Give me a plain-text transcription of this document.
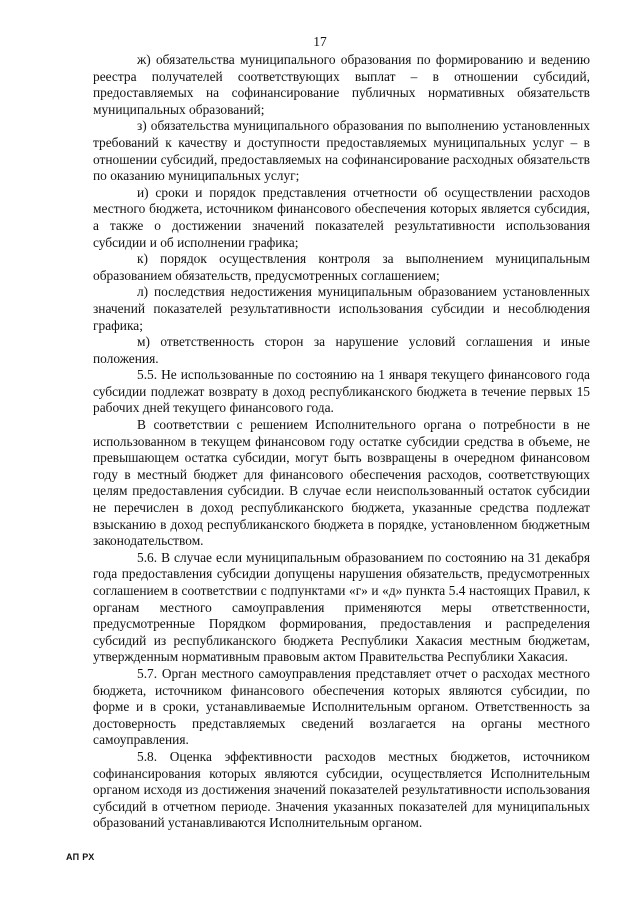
17

ж) обязательства муниципального образования по формированию и ведению реестра получателей соответствующих выплат – в отношении субсидий, предоставляемых на софинансирование публичных нормативных обязательств муниципальных образований;

з) обязательства муниципального образования по выполнению установленных требований к качеству и доступности предоставляемых муниципальных услуг – в отношении субсидий, предоставляемых на софинансирование расходных обязательств по оказанию муниципальных услуг;

и) сроки и порядок представления отчетности об осуществлении расходов местного бюджета, источником финансового обеспечения которых является субсидия, а также о достижении значений показателей результативности использования субсидии и об исполнении графика;

к) порядок осуществления контроля за выполнением муниципальным образованием обязательств, предусмотренных соглашением;

л) последствия недостижения муниципальным образованием установленных значений показателей результативности использования субсидии и несоблюдения графика;

м) ответственность сторон за нарушение условий соглашения и иные положения.

5.5. Не использованные по состоянию на 1 января текущего финансового года субсидии подлежат возврату в доход республиканского бюджета в течение первых 15 рабочих дней текущего финансового года.

В соответствии с решением Исполнительного органа о потребности в не использованном в текущем финансовом году остатке субсидии средства в объеме, не превышающем остатка субсидии, могут быть возвращены в очередном финансовом году в местный бюджет для финансового обеспечения расходов, соответствующих целям предоставления субсидии. В случае если неиспользованный остаток субсидии не перечислен в доход республиканского бюджета, указанные средства подлежат взысканию в доход республиканского бюджета в порядке, установленном бюджетным законодательством.

5.6. В случае если муниципальным образованием по состоянию на 31 декабря года предоставления субсидии допущены нарушения обязательств, предусмотренных соглашением в соответствии с подпунктами «г» и «д» пункта 5.4 настоящих Правил, к органам местного самоуправления применяются меры ответственности, предусмотренные Порядком формирования, предоставления и распределения субсидий из республиканского бюджета Республики Хакасия местным бюджетам, утвержденным нормативным правовым актом Правительства Республики Хакасия.

5.7. Орган местного самоуправления представляет отчет о расходах местного бюджета, источником финансового обеспечения которых являются субсидии, по форме и в сроки, устанавливаемые Исполнительным органом. Ответственность за достоверность представляемых сведений возлагается на органы местного самоуправления.

5.8. Оценка эффективности расходов местных бюджетов, источником софинансирования которых являются субсидии, осуществляется Исполнительным органом исходя из достижения значений показателей результативности использования субсидий в отчетном периоде. Значения указанных показателей для муниципальных образований устанавливаются Исполнительным органом.

АП РХ
